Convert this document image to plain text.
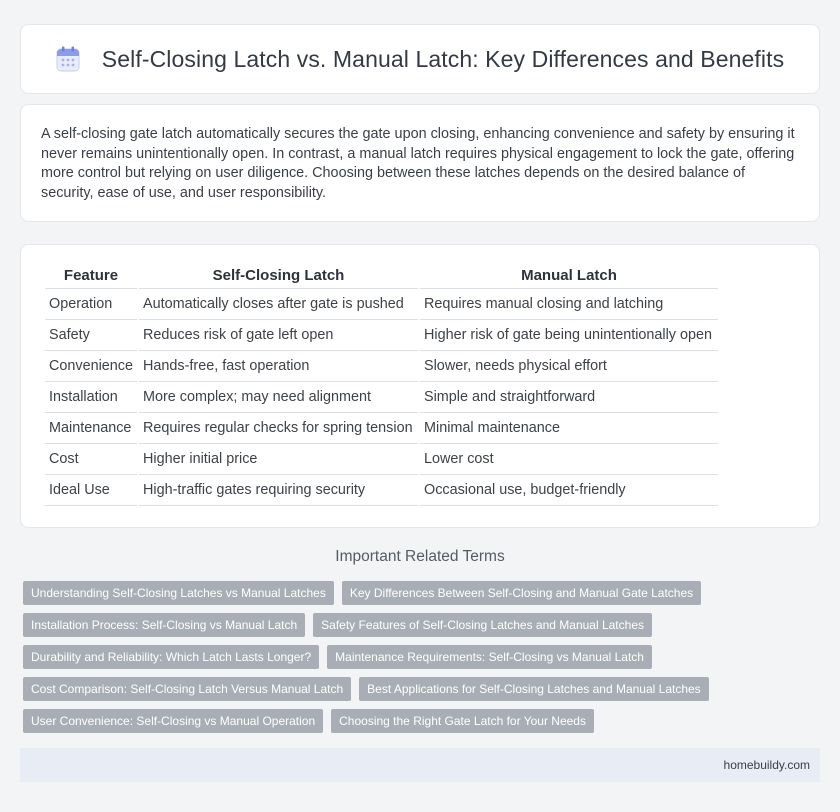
Self-Closing Latch vs. Manual Latch: Key Differences and Benefits

A self-closing gate latch automatically secures the gate upon closing, enhancing convenience and safety by ensuring it never remains unintentionally open. In contrast, a manual latch requires physical engagement to lock the gate, offering more control but relying on user diligence. Choosing between these latches depends on the desired balance of security, ease of use, and user responsibility.

Feature	Self-Closing Latch	Manual Latch
Operation	Automatically closes after gate is pushed	Requires manual closing and latching
Safety	Reduces risk of gate left open	Higher risk of gate being unintentionally open
Convenience	Hands-free, fast operation	Slower, needs physical effort
Installation	More complex; may need alignment	Simple and straightforward
Maintenance	Requires regular checks for spring tension	Minimal maintenance
Cost	Higher initial price	Lower cost
Ideal Use	High-traffic gates requiring security	Occasional use, budget-friendly
Important Related Terms
Understanding Self-Closing Latches vs Manual Latches	Key Differences Between Self-Closing and Manual Gate Latches
Installation Process: Self-Closing vs Manual Latch	Safety Features of Self-Closing Latches and Manual Latches
Durability and Reliability: Which Latch Lasts Longer?	Maintenance Requirements: Self-Closing vs Manual Latch
Cost Comparison: Self-Closing Latch Versus Manual Latch	Best Applications for Self-Closing Latches and Manual Latches
User Convenience: Self-Closing vs Manual Operation	Choosing the Right Gate Latch for Your Needs
homebuildy.com
